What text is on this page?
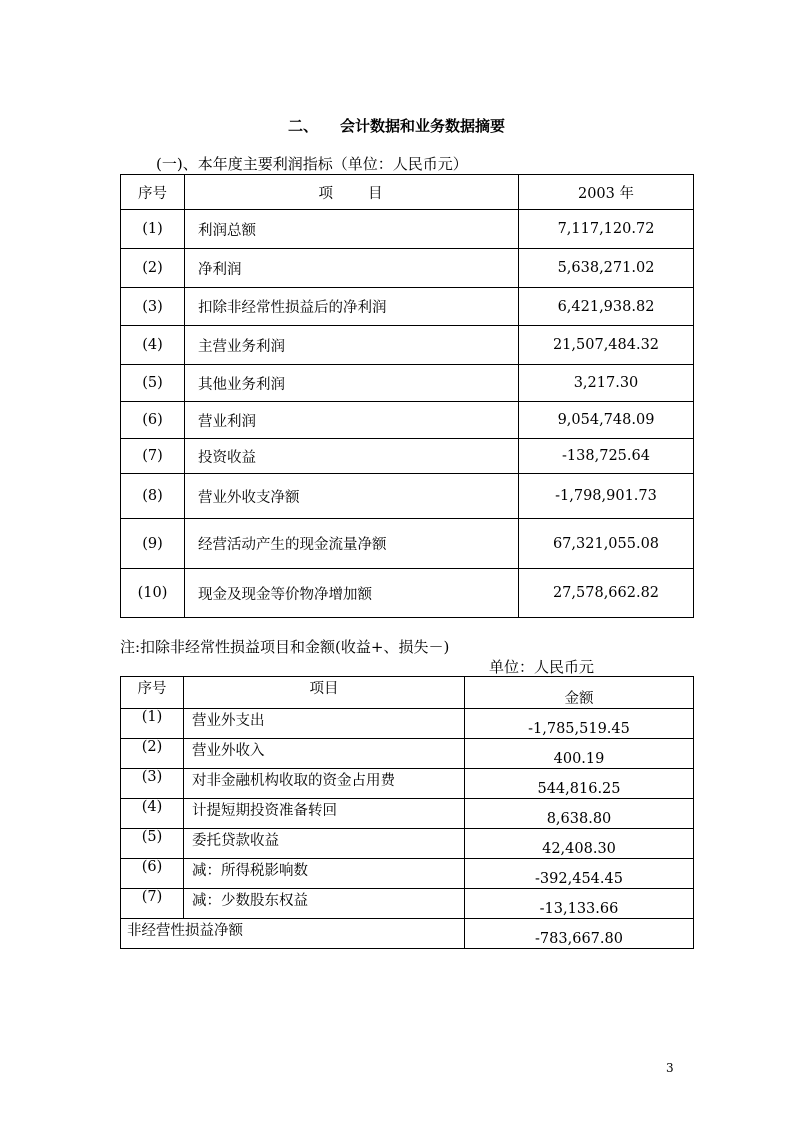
二、 会计数据和业务数据摘要
(一)、本年度主要利润指标（单位：人民币元）
序号	项　　目	2003 年
(1)	利润总额	7,117,120.72
(2)	净利润	5,638,271.02
(3)	扣除非经常性损益后的净利润	6,421,938.82
(4)	主营业务利润	21,507,484.32
(5)	其他业务利润	3,217.30
(6)	营业利润	9,054,748.09
(7)	投资收益	-138,725.64
(8)	营业外收支净额	-1,798,901.73
(9)	经营活动产生的现金流量净额	67,321,055.08
(10)	现金及现金等价物净增加额	27,578,662.82
注:扣除非经常性损益项目和金额(收益+、损失－)
单位：人民币元
序号	项目	金额
(1)	营业外支出	-1,785,519.45
(2)	营业外收入	400.19
(3)	对非金融机构收取的资金占用费	544,816.25
(4)	计提短期投资准备转回	8,638.80
(5)	委托贷款收益	42,408.30
(6)	减：所得税影响数	-392,454.45
(7)	减：少数股东权益	-13,133.66
非经营性损益净额		-783,667.80
3
